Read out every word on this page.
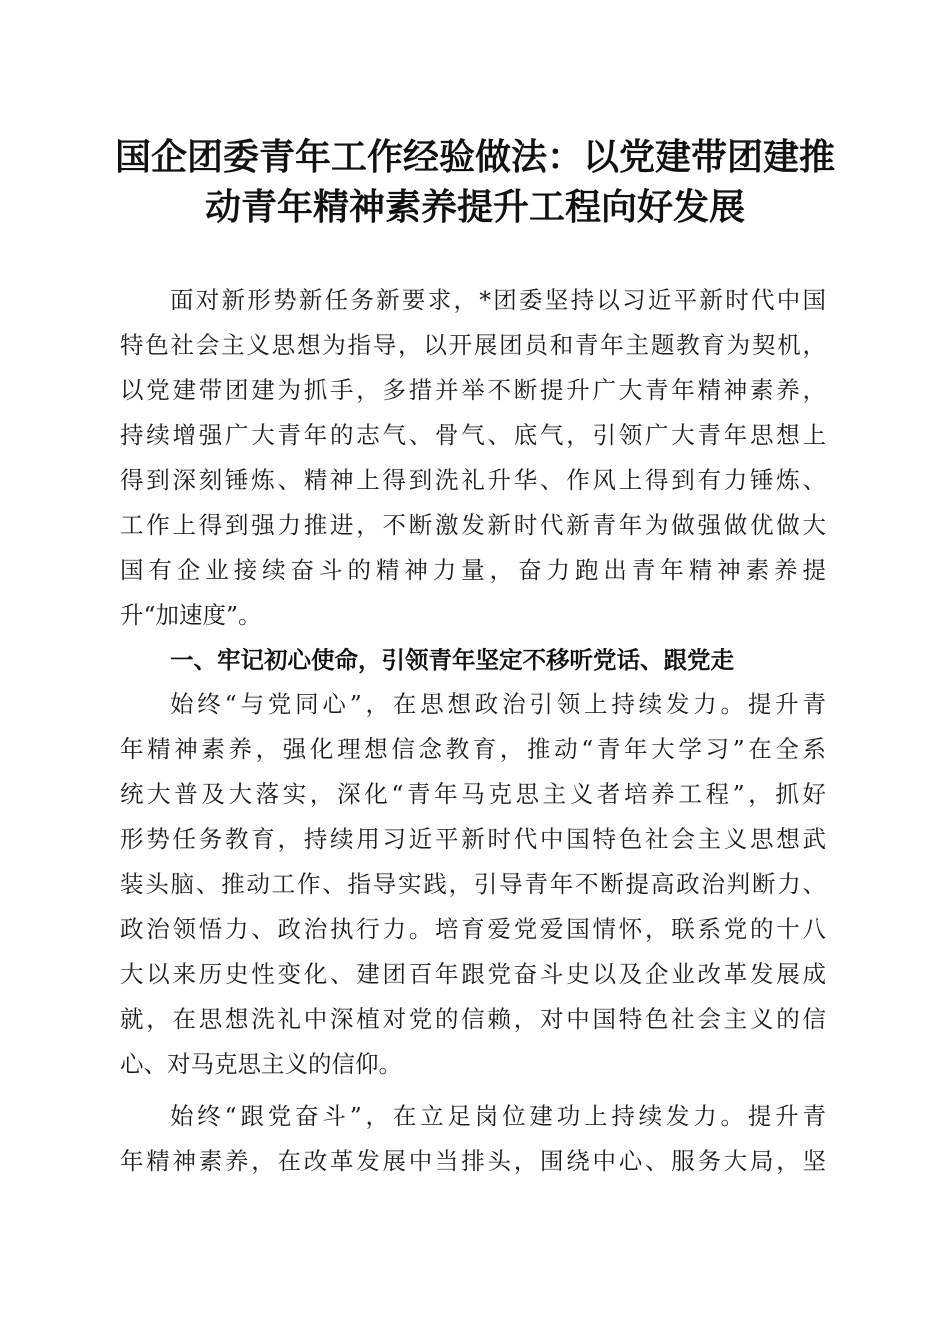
国企团委青年工作经验做法：以党建带团建推
动青年精神素养提升工程向好发展
面对新形势新任务新要求，*团委坚持以习近平新时代中国
特色社会主义思想为指导，以开展团员和青年主题教育为契机，
以党建带团建为抓手，多措并举不断提升广大青年精神素养，
持续增强广大青年的志气、骨气、底气，引领广大青年思想上
得到深刻锤炼、精神上得到洗礼升华、作风上得到有力锤炼、
工作上得到强力推进，不断激发新时代新青年为做强做优做大
国有企业接续奋斗的精神力量，奋力跑出青年精神素养提
升“加速度”。
一、牢记初心使命，引领青年坚定不移听党话、跟党走
始终“与党同心”，在思想政治引领上持续发力。提升青
年精神素养，强化理想信念教育，推动“青年大学习”在全系
统大普及大落实，深化“青年马克思主义者培养工程”，抓好
形势任务教育，持续用习近平新时代中国特色社会主义思想武
装头脑、推动工作、指导实践，引导青年不断提高政治判断力、
政治领悟力、政治执行力。培育爱党爱国情怀，联系党的十八
大以来历史性变化、建团百年跟党奋斗史以及企业改革发展成
就，在思想洗礼中深植对党的信赖，对中国特色社会主义的信
心、对马克思主义的信仰。
始终“跟党奋斗”，在立足岗位建功上持续发力。提升青
年精神素养，在改革发展中当排头，围绕中心、服务大局，坚
